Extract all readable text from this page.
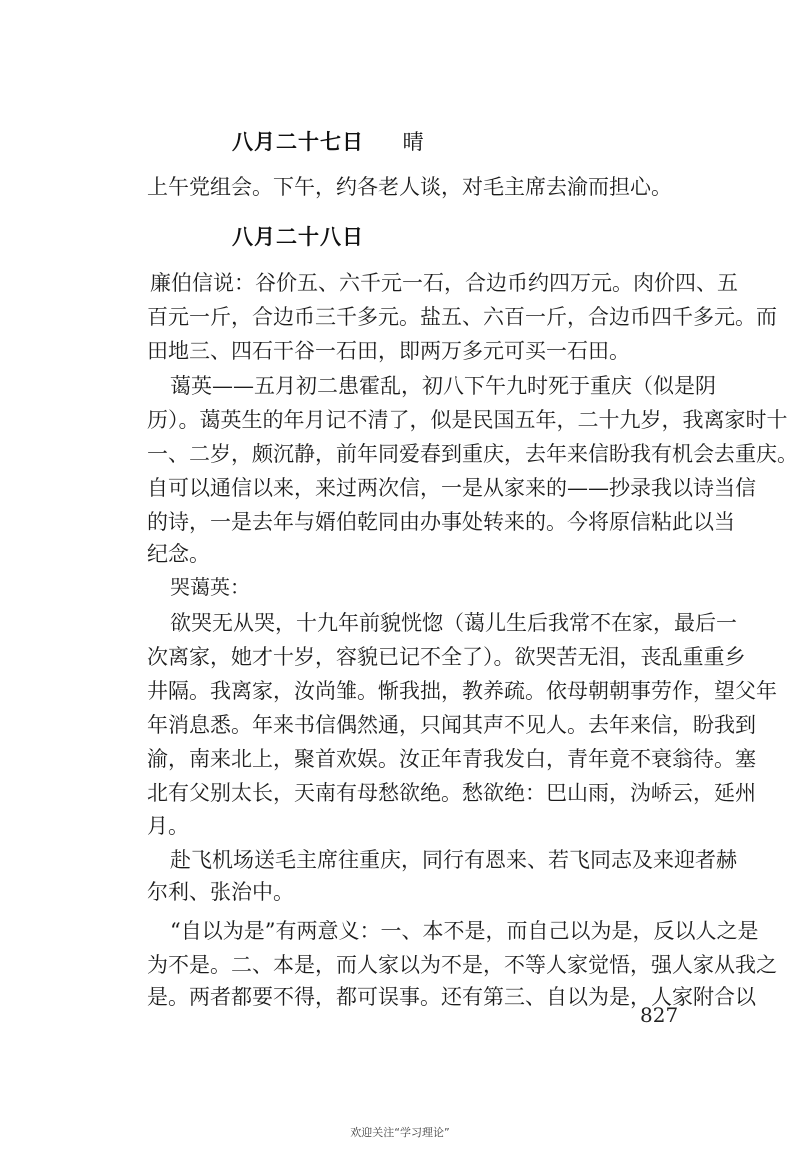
八月二十七日 晴
上午党组会。下午，约各老人谈，对毛主席去渝而担心。
八月二十八日
廉伯信说：谷价五、六千元一石，合边币约四万元。肉价四、五
百元一斤，合边币三千多元。盐五、六百一斤，合边币四千多元。而
田地三、四石干谷一石田，即两万多元可买一石田。
蔼英——五月初二患霍乱，初八下午九时死于重庆（似是阴
历）。蔼英生的年月记不清了，似是民国五年，二十九岁，我离家时十
一、二岁，颇沉静，前年同爱春到重庆，去年来信盼我有机会去重庆。
自可以通信以来，来过两次信，一是从家来的——抄录我以诗当信
的诗，一是去年与婿伯乾同由办事处转来的。今将原信粘此以当
纪念。
哭蔼英：
欲哭无从哭，十九年前貌恍惚（蔼儿生后我常不在家，最后一
次离家，她才十岁，容貌已记不全了）。欲哭苦无泪，丧乱重重乡
井隔。我离家，汝尚雏。惭我拙，教养疏。依母朝朝事劳作，望父年
年消息悉。年来书信偶然通，只闻其声不见人。去年来信，盼我到
渝，南来北上，聚首欢娱。汝正年青我发白，青年竟不衰翁待。塞
北有父别太长，天南有母愁欲绝。愁欲绝：巴山雨，沩峤云，延州
月。
赴飞机场送毛主席往重庆，同行有恩来、若飞同志及来迎者赫
尔利、张治中。
“自以为是”有两意义：一、本不是，而自己以为是，反以人之是
为不是。二、本是，而人家以为不是，不等人家觉悟，强人家从我之
是。两者都要不得，都可误事。还有第三、自以为是，人家附合以
827
欢迎关注“学习理论”
